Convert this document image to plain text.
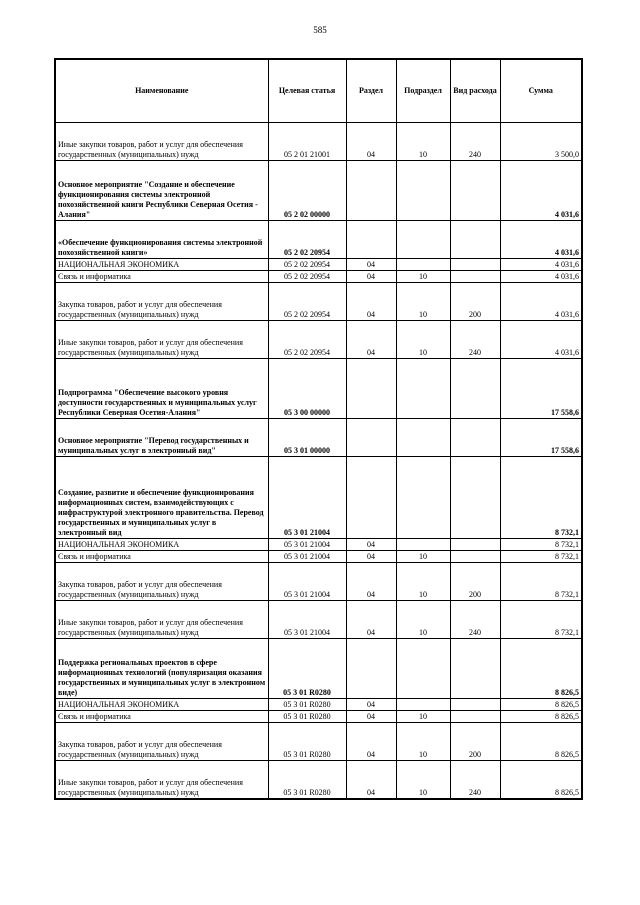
585
Наименование	Целевая статья	Раздел	Подраздел	Вид расхода	Сумма
Иные закупки товаров, работ и услуг для обеспечения государственных (муниципальных) нужд	05 2 01 21001	04	10	240	3 500,0
Основное мероприятие "Создание и обеспечение функционирования системы электронной похозяйственной книги Республики Северная Осетия - Алания"	05 2 02 00000				4 031,6
«Обеспечение функционирования системы электронной похозяйственной книги»	05 2 02 20954				4 031,6
НАЦИОНАЛЬНАЯ ЭКОНОМИКА	05 2 02 20954	04			4 031,6
Связь и информатика	05 2 02 20954	04	10		4 031,6
Закупка товаров, работ и услуг для обеспечения государственных (муниципальных) нужд	05 2 02 20954	04	10	200	4 031,6
Иные закупки товаров, работ и услуг для обеспечения государственных (муниципальных) нужд	05 2 02 20954	04	10	240	4 031,6
Подпрограмма "Обеспечение высокого уровня доступности государственных и муниципальных услуг Республики Северная Осетия-Алания"	05 3 00 00000				17 558,6
Основное мероприятие "Перевод государственных и муниципальных услуг в электронный вид"	05 3 01 00000				17 558,6
Создание, развитие и обеспечение функционирования информационных систем, взаимодействующих с инфраструктурой электронного правительства. Перевод государственных и муниципальных услуг в электронный вид	05 3 01 21004				8 732,1
НАЦИОНАЛЬНАЯ ЭКОНОМИКА	05 3 01 21004	04			8 732,1
Связь и информатика	05 3 01 21004	04	10		8 732,1
Закупка товаров, работ и услуг для обеспечения государственных (муниципальных) нужд	05 3 01 21004	04	10	200	8 732,1
Иные закупки товаров, работ и услуг для обеспечения государственных (муниципальных) нужд	05 3 01 21004	04	10	240	8 732,1
Поддержка региональных проектов в сфере информационных технологий (популяризация оказания государственных и муниципальных услуг в электронном виде)	05 3 01 R0280				8 826,5
НАЦИОНАЛЬНАЯ ЭКОНОМИКА	05 3 01 R0280	04			8 826,5
Связь и информатика	05 3 01 R0280	04	10		8 826,5
Закупка товаров, работ и услуг для обеспечения государственных (муниципальных) нужд	05 3 01 R0280	04	10	200	8 826,5
Иные закупки товаров, работ и услуг для обеспечения государственных (муниципальных) нужд	05 3 01 R0280	04	10	240	8 826,5
